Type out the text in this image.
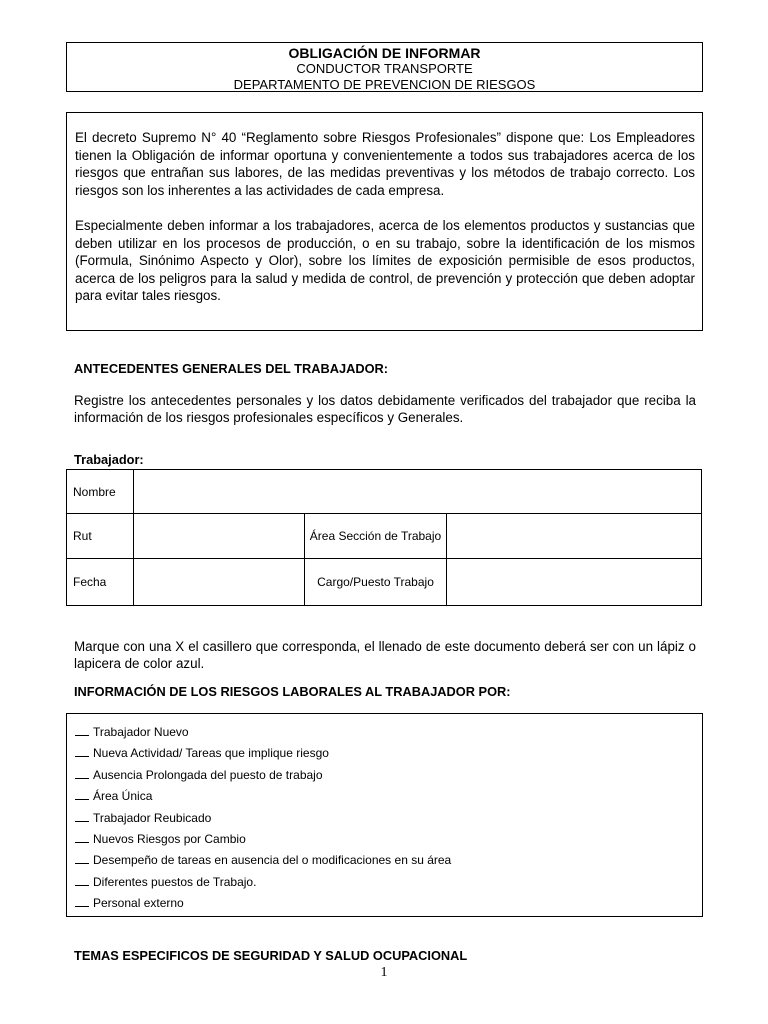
OBLIGACIÓN DE INFORMAR
CONDUCTOR TRANSPORTE
DEPARTAMENTO DE PREVENCION DE RIESGOS

El decreto Supremo N° 40 “Reglamento sobre Riesgos Profesionales” dispone que: Los Empleadores tienen la Obligación de informar oportuna y convenientemente a todos sus trabajadores acerca de los riesgos que entrañan sus labores, de las medidas preventivas y los métodos de trabajo correcto. Los riesgos son los inherentes a las actividades de cada empresa.

Especialmente deben informar a los trabajadores, acerca de los elementos productos y sustancias que deben utilizar en los procesos de producción, o en su trabajo, sobre la identificación de los mismos (Formula, Sinónimo Aspecto y Olor), sobre los límites de exposición permisible de esos productos, acerca de los peligros para la salud y medida de control, de prevención y protección que deben adoptar para evitar tales riesgos.

ANTECEDENTES GENERALES DEL TRABAJADOR:
Registre los antecedentes personales y los datos debidamente verificados del trabajador que reciba la información de los riesgos profesionales específicos y Generales.
Trabajador:
Nombre			
Rut		Área Sección de Trabajo	
Fecha		Cargo/Puesto Trabajo	
Marque con una X el casillero que corresponda, el llenado de este documento deberá ser con un lápiz o lapicera de color azul.
INFORMACIÓN DE LOS RIESGOS LABORALES AL TRABAJADOR POR:
Trabajador Nuevo
Nueva Actividad/ Tareas que implique riesgo
Ausencia Prolongada del puesto de trabajo
Área Única
Trabajador Reubicado
Nuevos Riesgos por Cambio
Desempeño de tareas en ausencia del o modificaciones en su área
Diferentes puestos de Trabajo.
Personal externo
TEMAS ESPECIFICOS DE SEGURIDAD Y SALUD OCUPACIONAL
1
